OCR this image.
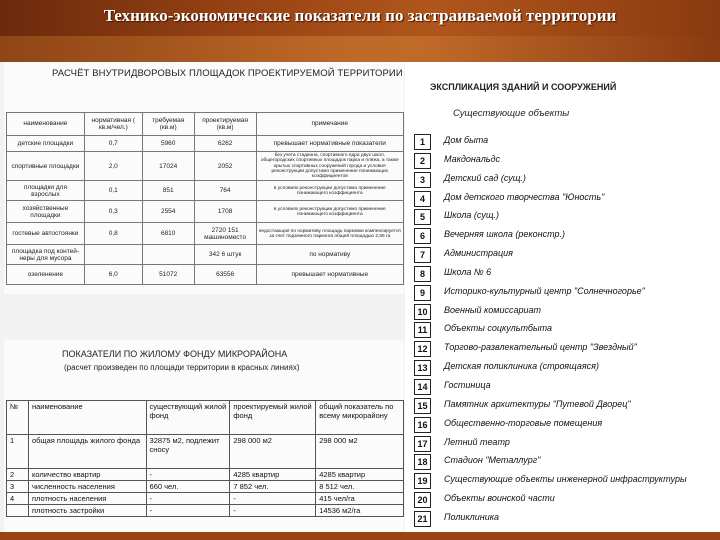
Технико-экономические показатели по застраиваемой территории
РАСЧЁТ ВНУТРИДВОРОВЫХ ПЛОЩАДОК ПРОЕКТИРУЕМОЙ ТЕРРИТОРИИ
наименование	нормативная ( кв.м/чел.)	требуемая (кв.м)	проектируемая (кв.м)	примечание
детские площадки	0,7	5960	6262	превышает нормативные показатели
спортивные площадки	2,0	17024	2052	без учета стадиона, спортивного ядра двух школ, общегородских спортивных площадок парка и пляжа, а также крытых спортивных сооружений города и условия реконструкции допустимо применение понижающих коэффициентов
площадки для взрослых	0,1	851	764	в условиях реконструкции допустимо применение понижающего коэффициента
хозяйственные площадки	0,3	2554	1708	в условиях реконструкции допустимо применение понижающего коэффициента
гостевые автостоянки	0,8	6810	2720 151 машиноместо	недостающая по нормативу площадь парковки компенсируется за счет подземного паркинга общей площадью 2,55 га
площадка под контей-неры для мусора			342 6 штук	по нормативу
озеленение	6,0	51072	63556	превышает нормативные
ПОКАЗАТЕЛИ ПО ЖИЛОМУ ФОНДУ МИКРОРАЙОНА
(расчет произведен по площади территории в красных линиях)
№	наименование	существующий жилой фонд	проектируемый жилой фонд	общий показатель по всему микрорайону
1	общая площадь жилого фонда	32875 м2, подлежит сносу	298 000 м2	298 000 м2
2	количество квартир	-	4285 квартир	4285 квартир
3	численность населения	660 чел.	7 852 чел.	8 512 чел.
4	плотность населения	-	-	415 чел/га
	плотность застройки	-	-	14536 м2/га
ЭКСПЛИКАЦИЯ ЗДАНИЙ И СООРУЖЕНИЙ
Существующие объекты
1	Дом быта
2	Макдональдс
3	Детский сад (сущ.)
4	Дом детского творчества "Юность"
5	Школа (сущ.)
6	Вечерняя школа (реконстр.)
7	Администрация
8	Школа № 6
9	Историко-культурный центр "Солнечногорье"
10	Военный комиссариат
11	Объекты соцкультбыта
12	Торгово-развлекательный центр "Звездный"
13	Детская поликлиника (строящаяся)
14	Гостиница
15	Памятник архитектуры "Путевой Дворец"
16	Общественно-торговые помещения
17	Летний театр
18	Стадион "Металлург"
19	Существующие объекты инженерной инфраструктуры
20	Объекты воинской части
21	Поликлиника
